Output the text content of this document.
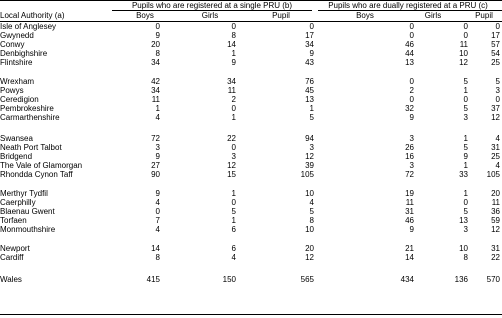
Pupils who are registered at a single PRU (b)	Pupils who are dually registered at a PRU (c)
Local Authority (a)	Boys	Girls	Pupil	Boys	Girls	Pupil
Isle of Anglesey	0	0	0	0	0	0
Gwynedd	9	8	17	0	0	17
Conwy	20	14	34	46	11	57
Denbighshire	8	1	9	44	10	54
Flintshire	34	9	43	13	12	25
Wrexham	42	34	76	0	5	5
Powys	34	11	45	2	1	3
Ceredigion	11	2	13	0	0	0
Pembrokeshire	1	0	1	32	5	37
Carmarthenshire	4	1	5	9	3	12
Swansea	72	22	94	3	1	4
Neath Port Talbot	3	0	3	26	5	31
Bridgend	9	3	12	16	9	25
The Vale of Glamorgan	27	12	39	3	1	4
Rhondda Cynon Taff	90	15	105	72	33	105
Merthyr Tydfil	9	1	10	19	1	20
Caerphilly	4	0	4	11	0	11
Blaenau Gwent	0	5	5	31	5	36
Torfaen	7	1	8	46	13	59
Monmouthshire	4	6	10	9	3	12
Newport	14	6	20	21	10	31
Cardiff	8	4	12	14	8	22
Wales	415	150	565	434	136	570
